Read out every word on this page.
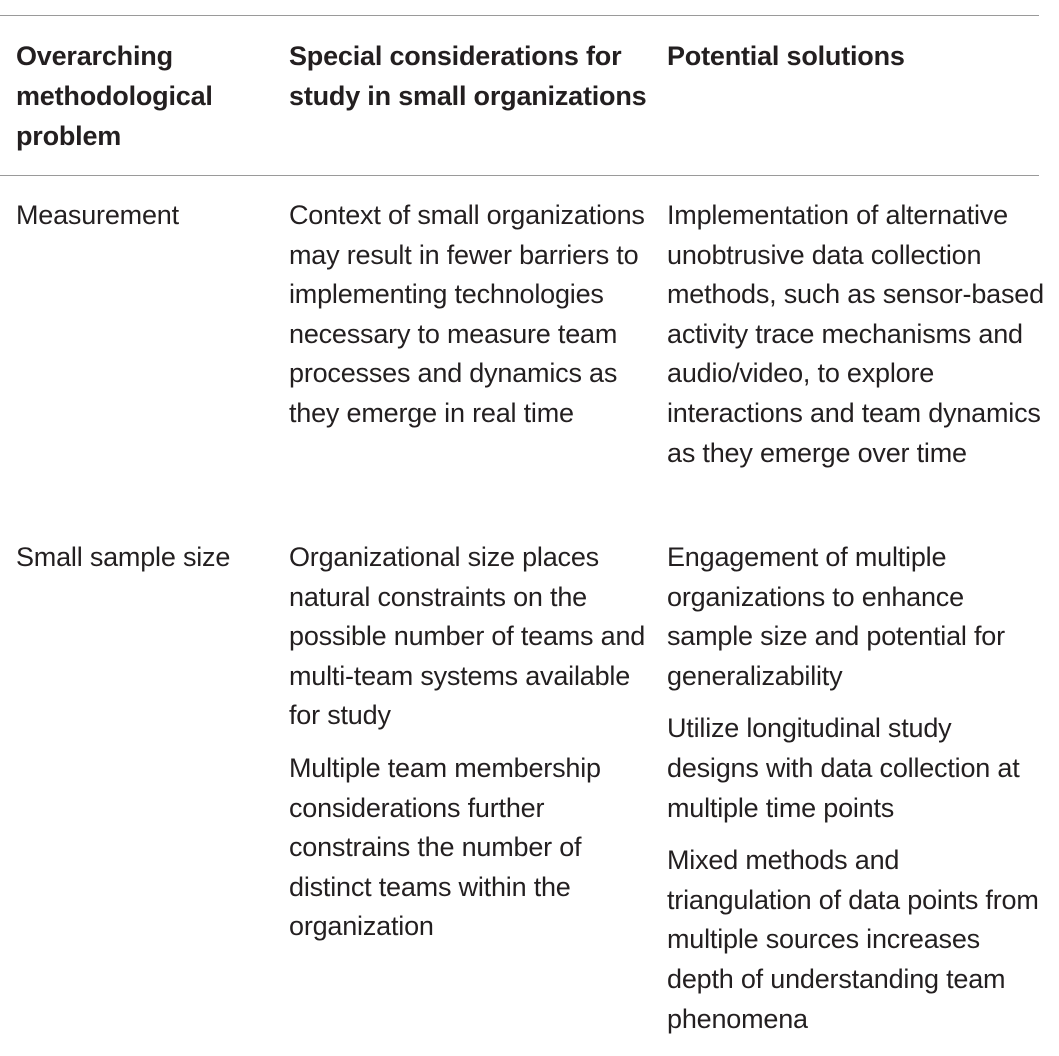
Overarching methodological problem
Special considerations for study in small organizations
Potential solutions
Measurement	Context of small organizations may result in fewer barriers to implementing technologies necessary to measure team processes and dynamics as they emerge in real time
Implementation of alternative unobtrusive data collection methods, such as sensor-based activity trace mechanisms and audio/video, to explore interactions and team dynamics as they emerge over time
Small sample size	Organizational size places natural constraints on the possible number of teams and multi-team systems available for study
Multiple team membership considerations further constrains the number of distinct teams within the organization
Engagement of multiple organizations to enhance sample size and potential for generalizability
Utilize longitudinal study designs with data collection at multiple time points
Mixed methods and triangulation of data points from multiple sources increases depth of understanding team phenomena
